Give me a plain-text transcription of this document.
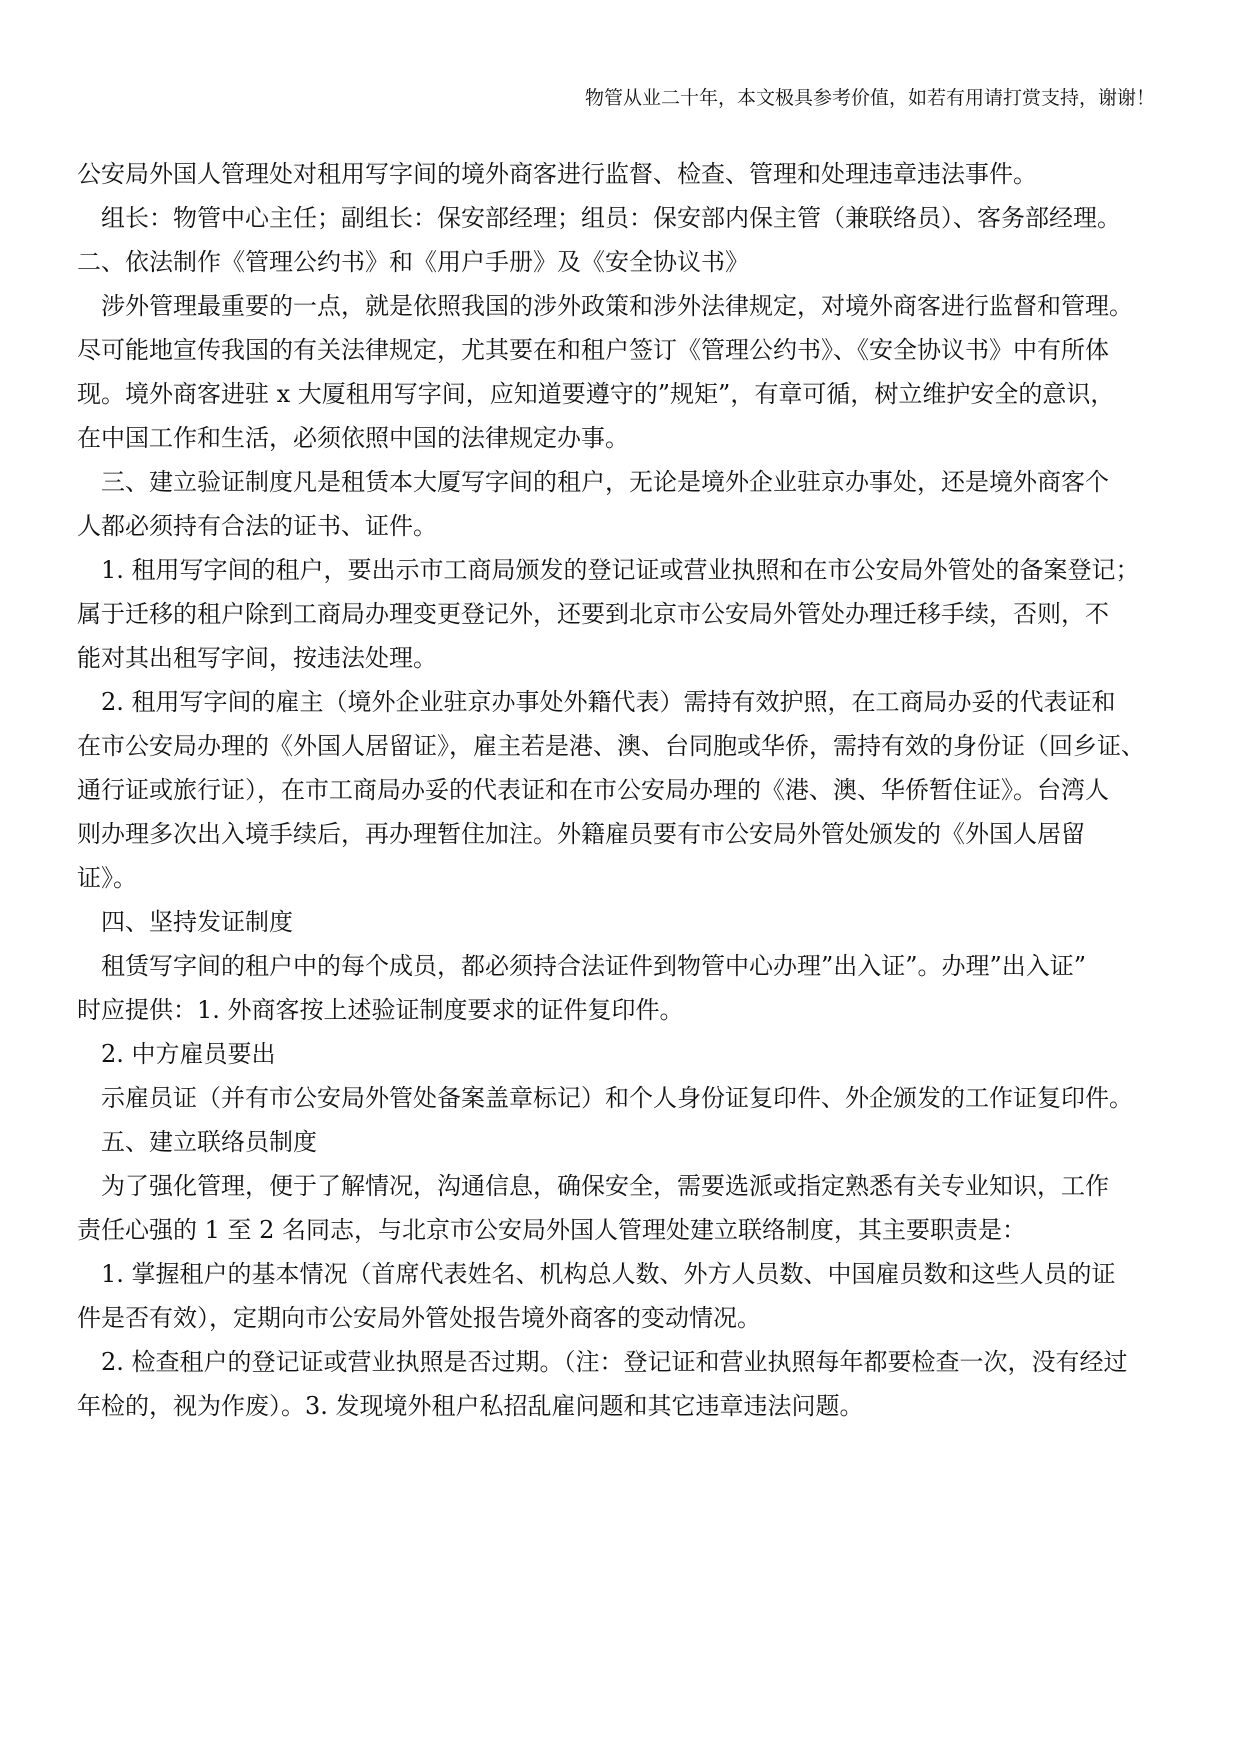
物管从业二十年，本文极具参考价值，如若有用请打赏支持，谢谢！
公安局外国人管理处对租用写字间的境外商客进行监督、检查、管理和处理违章违法事件。
组长：物管中心主任；副组长：保安部经理；组员：保安部内保主管（兼联络员）、客务部经理。
二、依法制作《管理公约书》和《用户手册》及《安全协议书》
涉外管理最重要的一点，就是依照我国的涉外政策和涉外法律规定，对境外商客进行监督和管理。
尽可能地宣传我国的有关法律规定，尤其要在和租户签订《管理公约书》、《安全协议书》中有所体
现。境外商客进驻 x 大厦租用写字间，应知道要遵守的”规矩”，有章可循，树立维护安全的意识，
在中国工作和生活，必须依照中国的法律规定办事。
三、建立验证制度凡是租赁本大厦写字间的租户，无论是境外企业驻京办事处，还是境外商客个
人都必须持有合法的证书、证件。
1. 租用写字间的租户，要出示市工商局颁发的登记证或营业执照和在市公安局外管处的备案登记；
属于迁移的租户除到工商局办理变更登记外，还要到北京市公安局外管处办理迁移手续，否则，不
能对其出租写字间，按违法处理。
2. 租用写字间的雇主（境外企业驻京办事处外籍代表）需持有效护照，在工商局办妥的代表证和
在市公安局办理的《外国人居留证》，雇主若是港、澳、台同胞或华侨，需持有效的身份证（回乡证、
通行证或旅行证），在市工商局办妥的代表证和在市公安局办理的《港、澳、华侨暂住证》。台湾人
则办理多次出入境手续后，再办理暂住加注。外籍雇员要有市公安局外管处颁发的《外国人居留
证》。
四、坚持发证制度
租赁写字间的租户中的每个成员，都必须持合法证件到物管中心办理”出入证”。办理”出入证”
时应提供：1. 外商客按上述验证制度要求的证件复印件。
2. 中方雇员要出
示雇员证（并有市公安局外管处备案盖章标记）和个人身份证复印件、外企颁发的工作证复印件。
五、建立联络员制度
为了强化管理，便于了解情况，沟通信息，确保安全，需要选派或指定熟悉有关专业知识，工作
责任心强的 1 至 2 名同志，与北京市公安局外国人管理处建立联络制度，其主要职责是：
1. 掌握租户的基本情况（首席代表姓名、机构总人数、外方人员数、中国雇员数和这些人员的证
件是否有效），定期向市公安局外管处报告境外商客的变动情况。
2. 检查租户的登记证或营业执照是否过期。（注：登记证和营业执照每年都要检查一次，没有经过
年检的，视为作废）。3. 发现境外租户私招乱雇问题和其它违章违法问题。
